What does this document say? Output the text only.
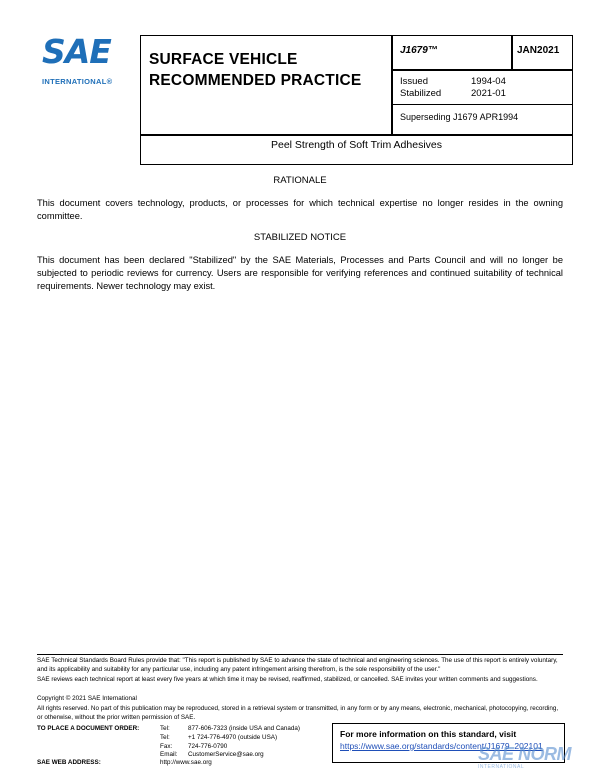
SAE
INTERNATIONAL®
SURFACE VEHICLE
RECOMMENDED PRACTICE
J1679™	JAN2021
Issued	1994-04
Stabilized	2021-01
Superseding J1679 APR1994
Peel Strength of Soft Trim Adhesives
RATIONALE
This document covers technology, products, or processes for which technical expertise no longer resides in the owning committee.
STABILIZED NOTICE
This document has been declared "Stabilized" by the SAE Materials, Processes and Parts Council and will no longer be subjected to periodic reviews for currency. Users are responsible for verifying references and continued suitability of technical requirements. Newer technology may exist.
SAE Technical Standards Board Rules provide that: "This report is published by SAE to advance the state of technical and engineering sciences. The use of this report is entirely voluntary, and its applicability and suitability for any particular use, including any patent infringement arising therefrom, is the sole responsibility of the user."
SAE reviews each technical report at least every five years at which time it may be revised, reaffirmed, stabilized, or cancelled. SAE invites your written comments and suggestions.
Copyright © 2021 SAE International
All rights reserved. No part of this publication may be reproduced, stored in a retrieval system or transmitted, in any form or by any means, electronic, mechanical, photocopying, recording, or otherwise, without the prior written permission of SAE.
TO PLACE A DOCUMENT ORDER:	Tel:	877-606-7323 (inside USA and Canada)
Tel:	+1 724-776-4970 (outside USA)
Fax:	724-776-0790
Email: CustomerService@sae.org
SAE WEB ADDRESS:	http://www.sae.org
For more information on this standard, visit
https://www.sae.org/standards/content/J1679_202101
SAE NORM
INTERNATIONAL
